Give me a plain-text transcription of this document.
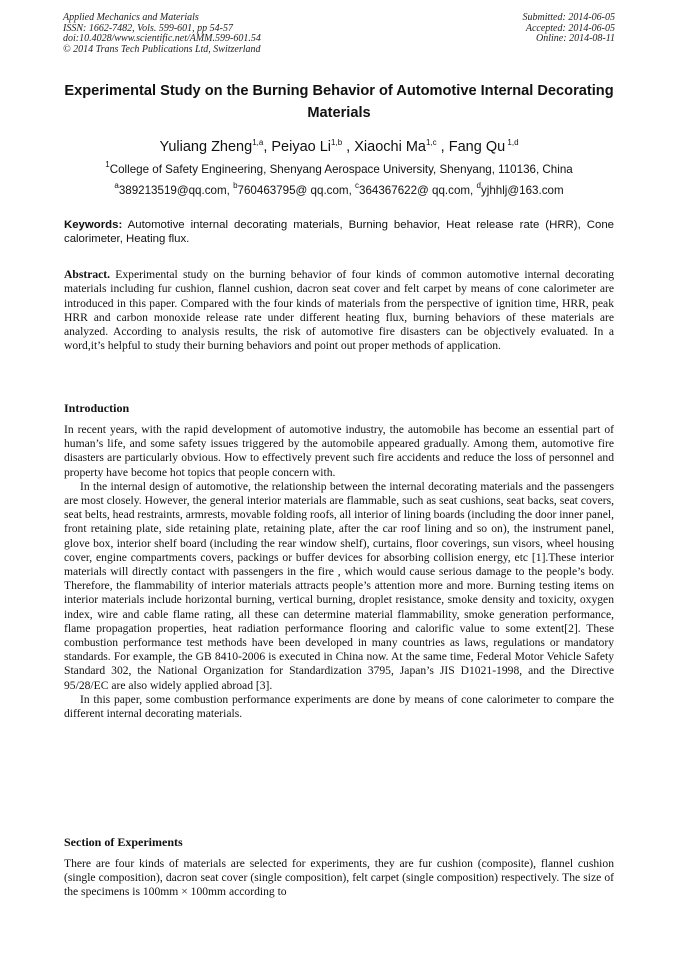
Applied Mechanics and Materials
ISSN: 1662-7482, Vols. 599-601, pp 54-57
doi:10.4028/www.scientific.net/AMM.599-601.54
© 2014 Trans Tech Publications Ltd, Switzerland
Submitted: 2014-06-05
Accepted: 2014-06-05
Online: 2014-08-11
Experimental Study on the Burning Behavior of Automotive Internal Decorating Materials
Yuliang Zheng$^{1,a}$, Peiyao Li$^{1,b}$ , Xiaochi Ma$^{1,c}$ , Fang Qu $^{1,d}$
$^1$College of Safety Engineering, Shenyang Aerospace University, Shenyang, 110136, China
$^a$389213519@qq.com, $^b$760463795@ qq.com, $^c$364367622@ qq.com, $^d$yjhhlj@163.com
Keywords: Automotive internal decorating materials, Burning behavior, Heat release rate (HRR), Cone calorimeter, Heating flux.
Abstract. Experimental study on the burning behavior of four kinds of common automotive internal decorating materials including fur cushion, flannel cushion, dacron seat cover and felt carpet by means of cone calorimeter are introduced in this paper. Compared with the four kinds of materials from the perspective of ignition time, HRR, peak HRR and carbon monoxide release rate under different heating flux, burning behaviors of these materials are analyzed. According to analysis results, the risk of automotive fire disasters can be objectively evaluated. In a word,it’s helpful to study their burning behaviors and point out proper methods of application.
Introduction

In recent years, with the rapid development of automotive industry, the automobile has become an essential part of human’s life, and some safety issues triggered by the automobile appeared gradually. Among them, automotive fire disasters are particularly obvious. How to effectively prevent such fire accidents and reduce the loss of personnel and property have become hot topics that people concern with.

In the internal design of automotive, the relationship between the internal decorating materials and the passengers are most closely. However, the general interior materials are flammable, such as seat cushions, seat backs, seat covers, seat belts, head restraints, armrests, movable folding roofs, all interior of lining boards (including the door inner panel, front retaining plate, side retaining plate, retaining plate, after the car roof lining and so on), the instrument panel, glove box, interior shelf board (including the rear window shelf), curtains, floor coverings, sun visors, wheel housing cover, engine compartments covers, packings or buffer devices for absorbing collision energy, etc [1].These interior materials will directly contact with passengers in the fire , which would cause serious damage to the people’s body. Therefore, the flammability of interior materials attracts people’s attention more and more. Burning testing items on interior materials include horizontal burning, vertical burning, droplet resistance, smoke density and toxicity, oxygen index, wire and cable flame rating, all these can determine material flammability, smoke generation performance, flame propagation properties, heat radiation performance flooring and calorific value to some extent[2]. These combustion performance test methods have been developed in many countries as laws, regulations or mandatory standards. For example, the GB 8410-2006 is executed in China now. At the same time, Federal Motor Vehicle Safety Standard 302, the National Organization for Standardization 3795, Japan’s JIS D1021-1998, and the Directive 95/28/EC are also widely applied abroad [3].

In this paper, some combustion performance experiments are done by means of cone calorimeter to compare the different internal decorating materials.

Section of Experiments

There are four kinds of materials are selected for experiments, they are fur cushion (composite), flannel cushion (single composition), dacron seat cover (single composition), felt carpet (single composition) respectively. The size of the specimens is 100mm × 100mm according to
